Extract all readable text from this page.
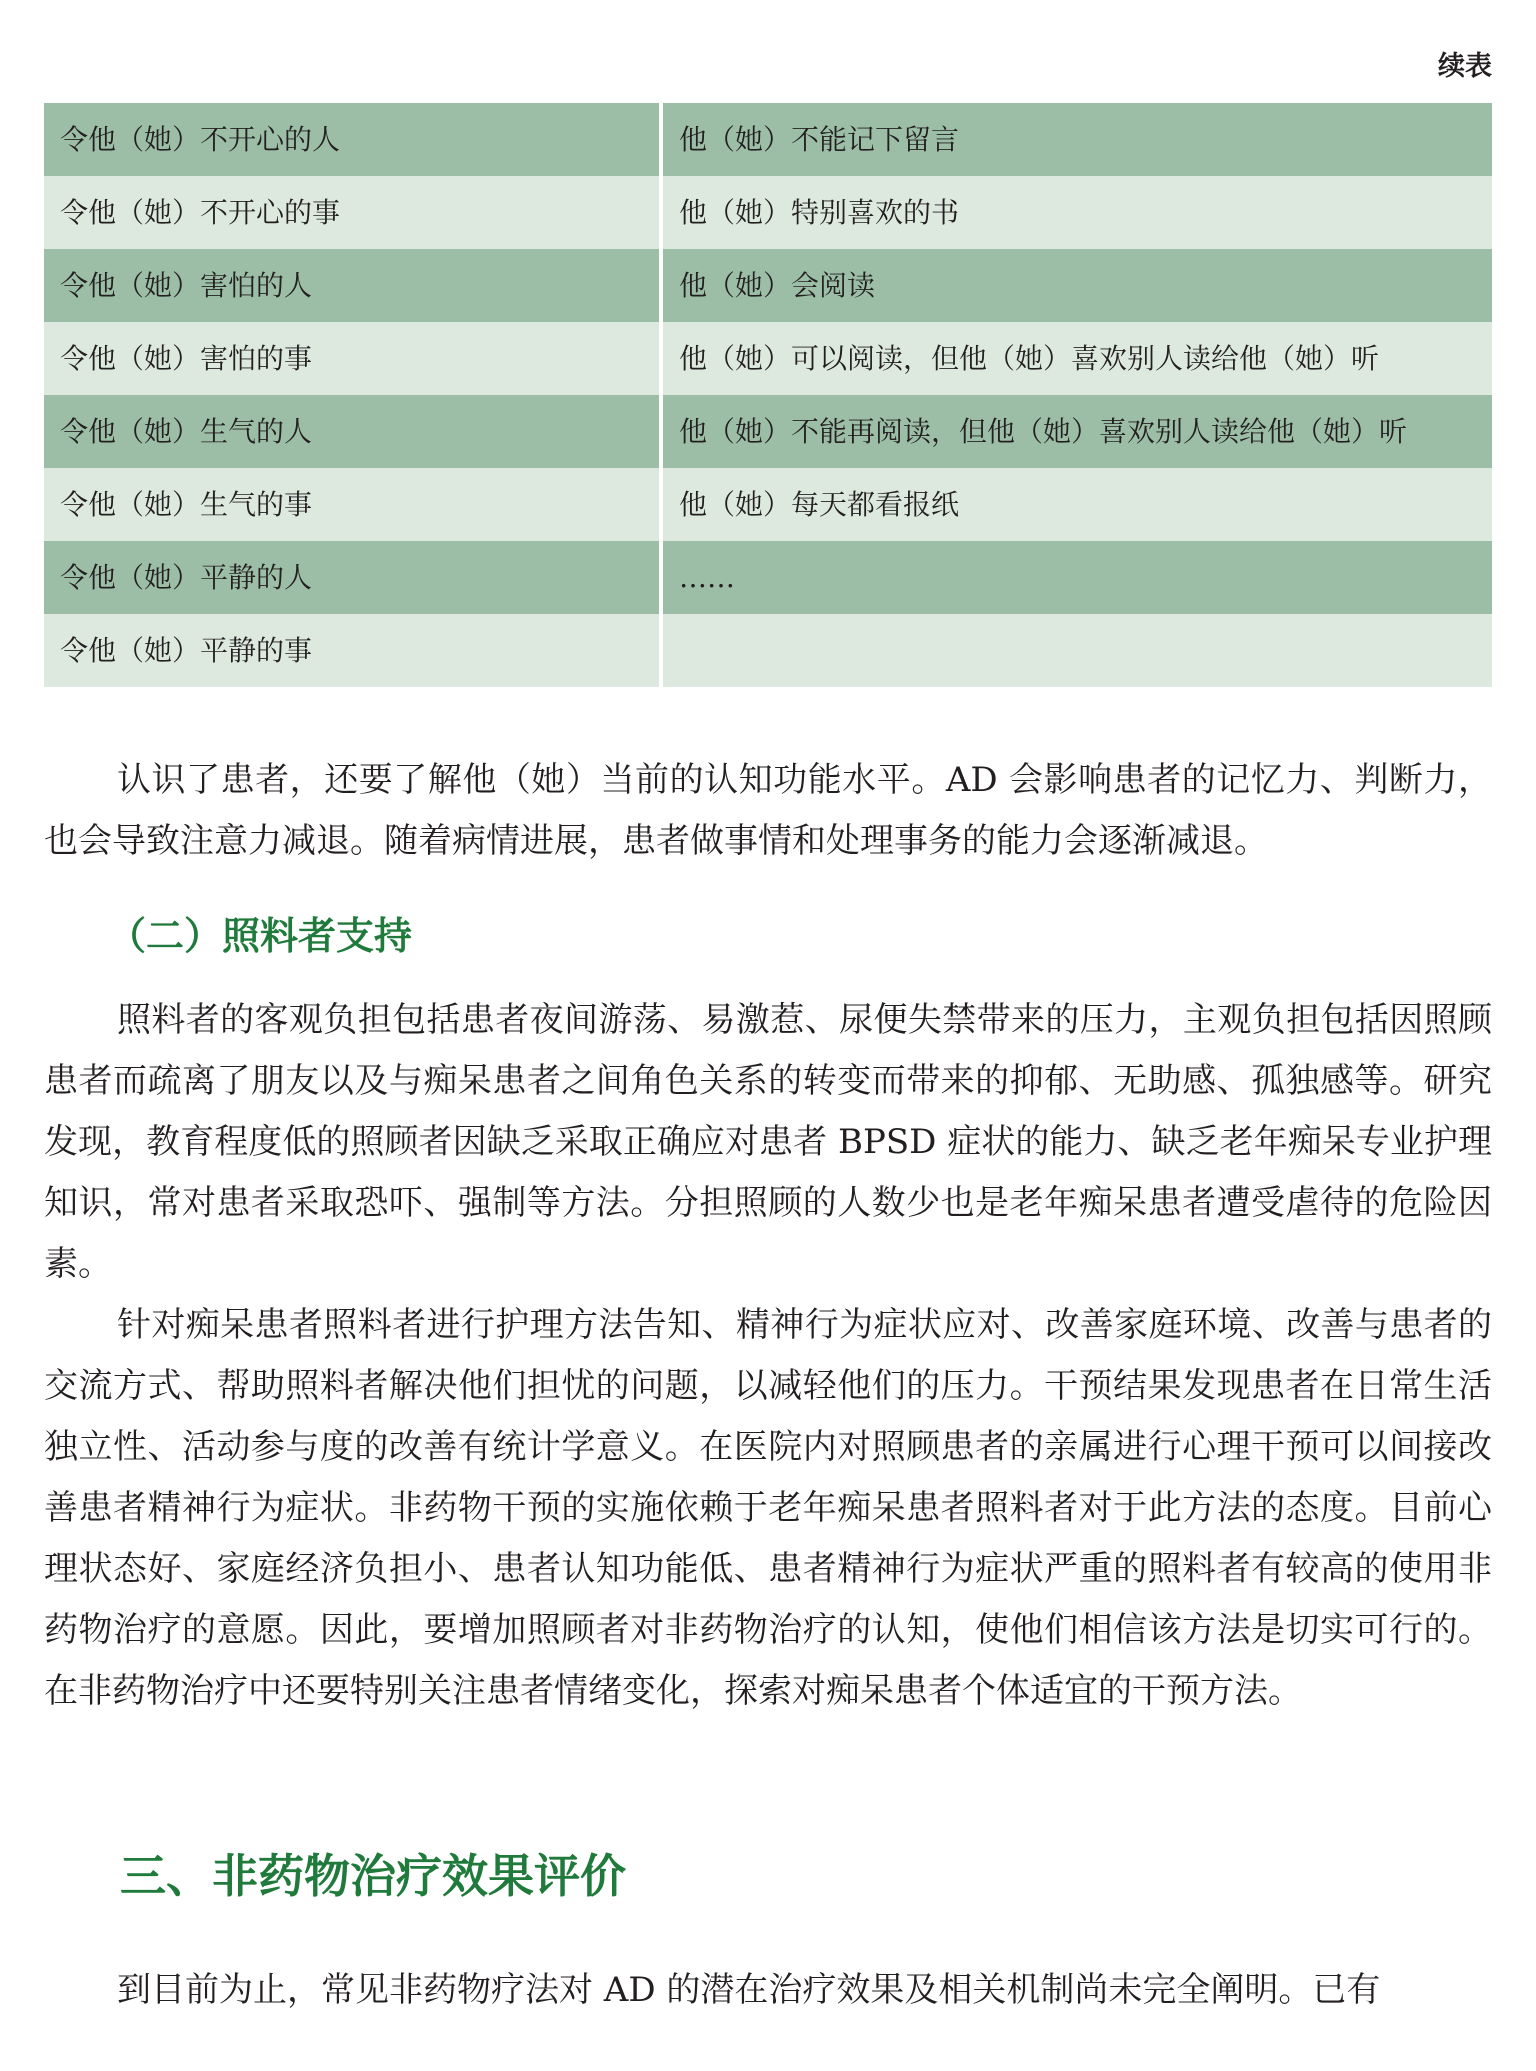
续表
令他（她）不开心的人	他（她）不能记下留言
令他（她）不开心的事	他（她）特别喜欢的书
令他（她）害怕的人	他（她）会阅读
令他（她）害怕的事	他（她）可以阅读，但他（她）喜欢别人读给他（她）听
令他（她）生气的人	他（她）不能再阅读，但他（她）喜欢别人读给他（她）听
令他（她）生气的事	他（她）每天都看报纸
令他（她）平静的人	……
令他（她）平静的事	

认识了患者，还要了解他（她）当前的认知功能水平。AD 会影响患者的记忆力、判断力，也会导致注意力减退。随着病情进展，患者做事情和处理事务的能力会逐渐减退。

（二）照料者支持

照料者的客观负担包括患者夜间游荡、易激惹、尿便失禁带来的压力，主观负担包括因照顾患者而疏离了朋友以及与痴呆患者之间角色关系的转变而带来的抑郁、无助感、孤独感等。研究发现，教育程度低的照顾者因缺乏采取正确应对患者 BPSD 症状的能力、缺乏老年痴呆专业护理知识，常对患者采取恐吓、强制等方法。分担照顾的人数少也是老年痴呆患者遭受虐待的危险因素。

针对痴呆患者照料者进行护理方法告知、精神行为症状应对、改善家庭环境、改善与患者的交流方式、帮助照料者解决他们担忧的问题，以减轻他们的压力。干预结果发现患者在日常生活独立性、活动参与度的改善有统计学意义。在医院内对照顾患者的亲属进行心理干预可以间接改善患者精神行为症状。非药物干预的实施依赖于老年痴呆患者照料者对于此方法的态度。目前心理状态好、家庭经济负担小、患者认知功能低、患者精神行为症状严重的照料者有较高的使用非药物治疗的意愿。因此，要增加照顾者对非药物治疗的认知，使他们相信该方法是切实可行的。在非药物治疗中还要特别关注患者情绪变化，探索对痴呆患者个体适宜的干预方法。

三、非药物治疗效果评价

到目前为止，常见非药物疗法对 AD 的潜在治疗效果及相关机制尚未完全阐明。已有
